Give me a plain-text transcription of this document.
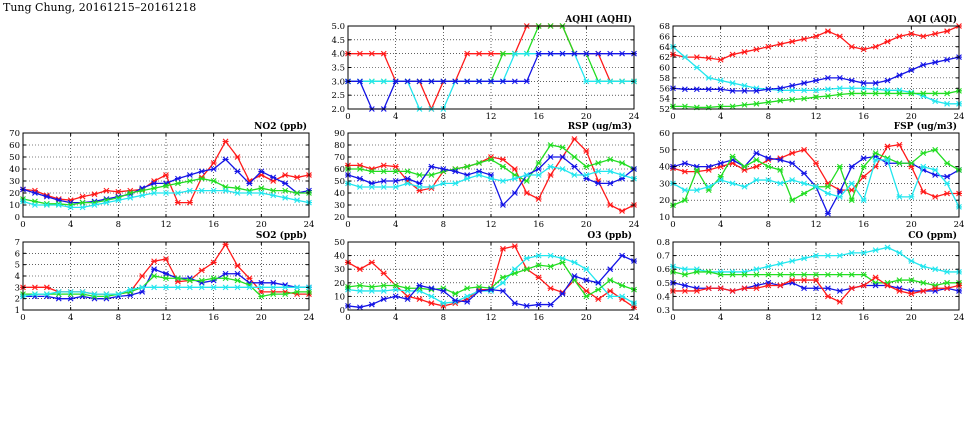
Tung Chung, 20161215–20161218
0	4	8	12	16	20	24
2.0
2.5
3.0
3.5
4.0
4.5
5.0
AQHI (AQHI)
0	4	8	12	16	20	24
52
54
56
58
60
62
64
66
68
AQI (AQI)
0	4	8	12	16	20	24
0
10
20
30
40
50
60
70
NO2 (ppb)
0	4	8	12	16	20	24
20
30
40
50
60
70
80
90
RSP (ug/m3)
0	4	8	12	16	20	24
10
20
30
40
50
60
FSP (ug/m3)
0	4	8	12	16	20	24
1
2
3
4
5
6
7
SO2 (ppb)
0	4	8	12	16	20	24
0
10
20
30
40
50
O3 (ppb)
0	4	8	12	16	20	24
0.3
0.4
0.5
0.6
0.7
0.8
CO (ppm)
